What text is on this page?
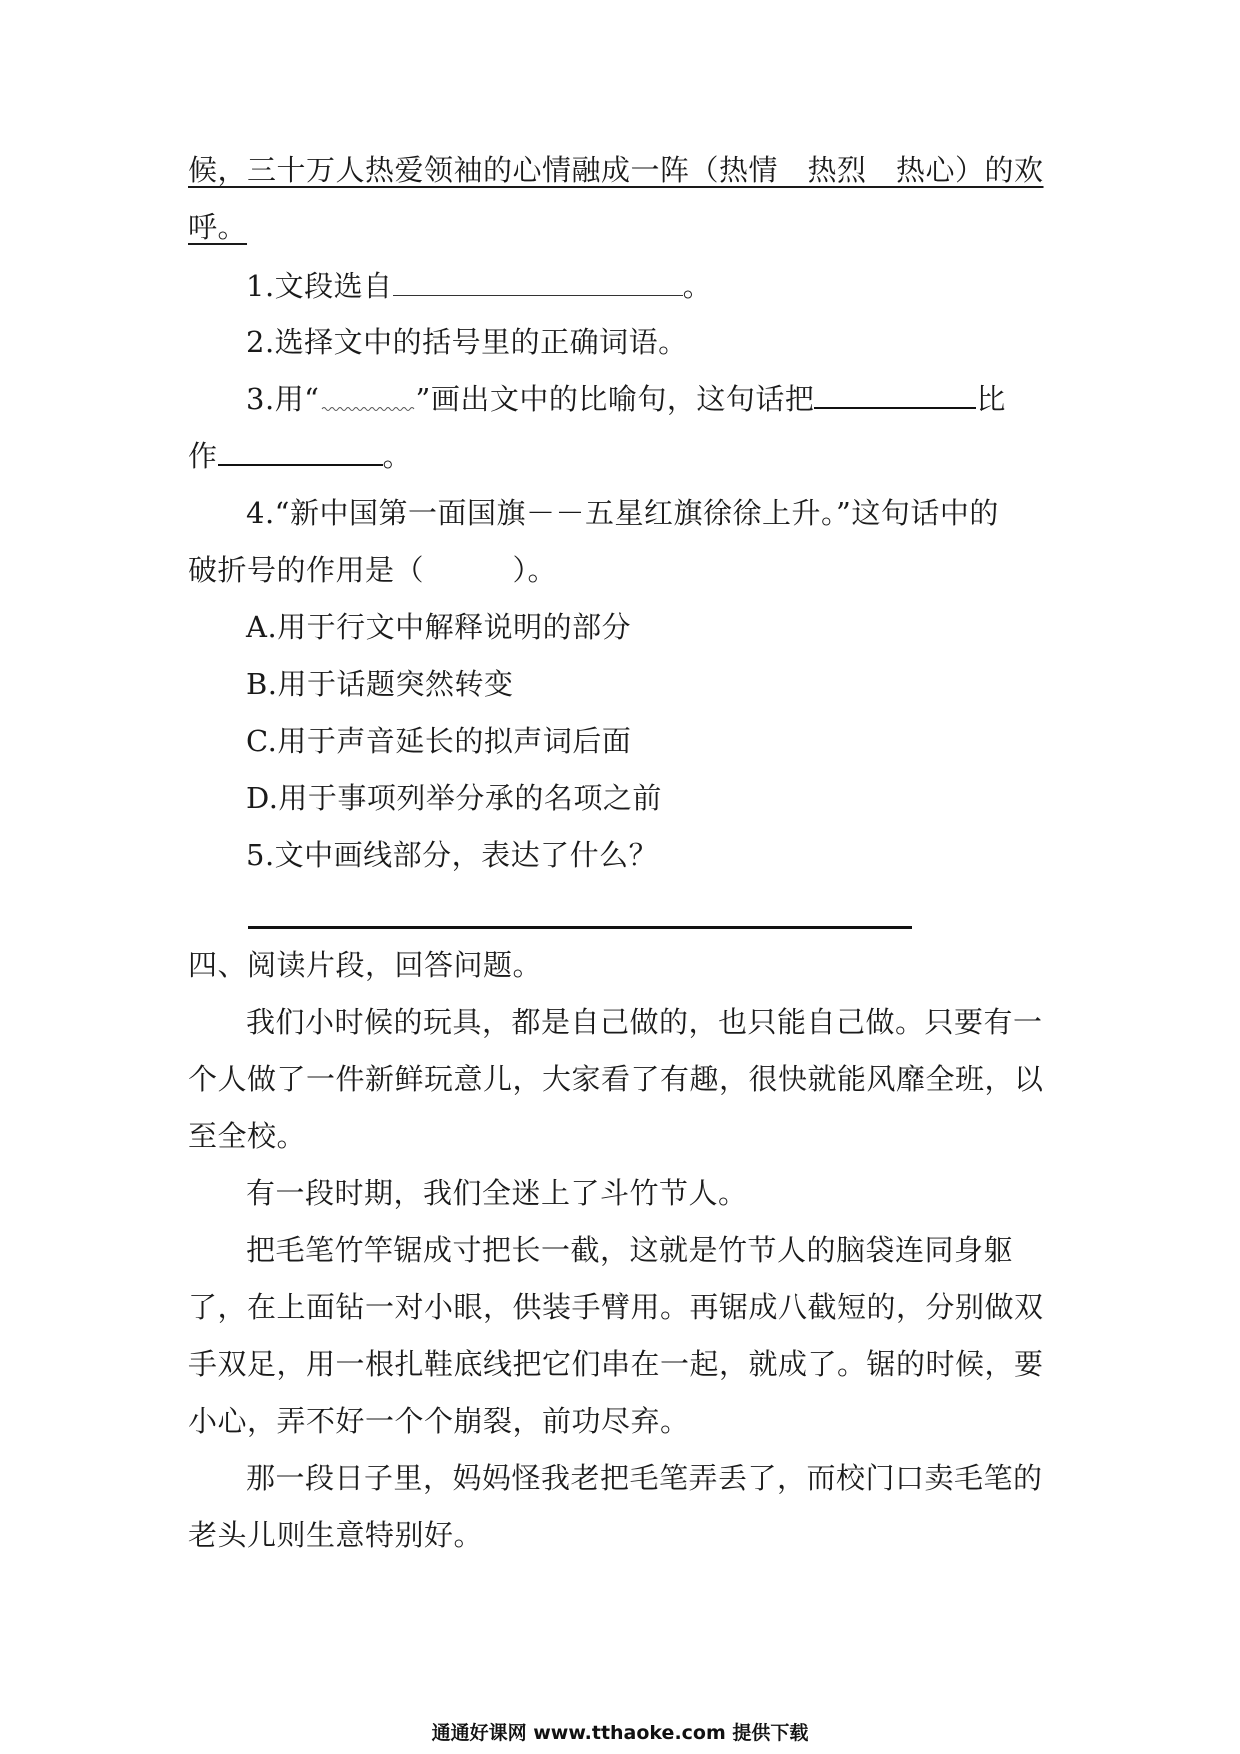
候，三十万人热爱领袖的心情融成一阵（热情　热烈　热心）的欢
呼。
1.文段选自	。
2.选择文中的括号里的正确词语。
3.用“	”画出文中的比喻句，这句话把	比
作	。
4.“新中国第一面国旗－－五星红旗徐徐上升。”这句话中的
破折号的作用是（　　　）。
A.用于行文中解释说明的部分
B.用于话题突然转变
C.用于声音延长的拟声词后面
D.用于事项列举分承的名项之前
5.文中画线部分，表达了什么？
四、阅读片段，回答问题。
我们小时候的玩具，都是自己做的，也只能自己做。只要有一
个人做了一件新鲜玩意儿，大家看了有趣，很快就能风靡全班，以
至全校。
有一段时期，我们全迷上了斗竹节人。
把毛笔竹竿锯成寸把长一截，这就是竹节人的脑袋连同身躯
了，在上面钻一对小眼，供装手臂用。再锯成八截短的，分别做双
手双足，用一根扎鞋底线把它们串在一起，就成了。锯的时候，要
小心，弄不好一个个崩裂，前功尽弃。
那一段日子里，妈妈怪我老把毛笔弄丢了，而校门口卖毛笔的
老头儿则生意特别好。
通通好课网 www.tthaoke.com 提供下载
